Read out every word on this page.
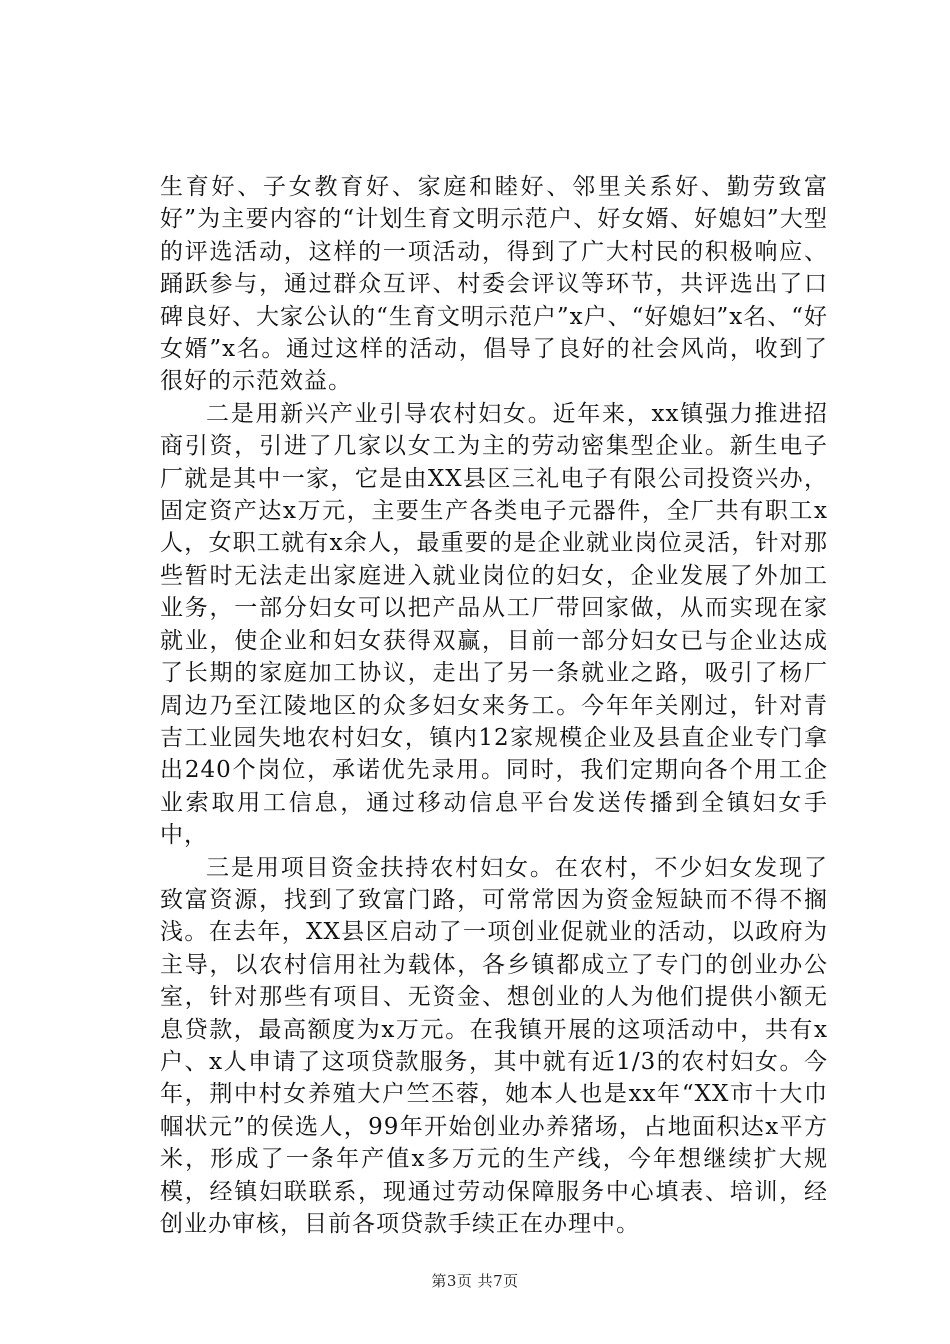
生育好、子女教育好、家庭和睦好、邻里关系好、勤劳致富好”为主要内容的“计划生育文明示范户、好女婿、好媳妇”大型的评选活动，这样的一项活动，得到了广大村民的积极响应、踊跃参与，通过群众互评、村委会评议等环节，共评选出了口碑良好、大家公认的“生育文明示范户”x户、“好媳妇”x名、“好女婿”x名。通过这样的活动，倡导了良好的社会风尚，收到了很好的示范效益。

二是用新兴产业引导农村妇女。近年来，xx镇强力推进招商引资，引进了几家以女工为主的劳动密集型企业。新生电子厂就是其中一家，它是由XX县区三礼电子有限公司投资兴办，固定资产达x万元，主要生产各类电子元器件，全厂共有职工x人，女职工就有x余人，最重要的是企业就业岗位灵活，针对那些暂时无法走出家庭进入就业岗位的妇女，企业发展了外加工业务，一部分妇女可以把产品从工厂带回家做，从而实现在家就业，使企业和妇女获得双赢，目前一部分妇女已与企业达成了长期的家庭加工协议，走出了另一条就业之路，吸引了杨厂周边乃至江陵地区的众多妇女来务工。今年年关刚过，针对青吉工业园失地农村妇女，镇内12家规模企业及县直企业专门拿出240个岗位，承诺优先录用。同时，我们定期向各个用工企业索取用工信息，通过移动信息平台发送传播到全镇妇女手中，

三是用项目资金扶持农村妇女。在农村，不少妇女发现了致富资源，找到了致富门路，可常常因为资金短缺而不得不搁浅。在去年，XX县区启动了一项创业促就业的活动，以政府为主导，以农村信用社为载体，各乡镇都成立了专门的创业办公室，针对那些有项目、无资金、想创业的人为他们提供小额无息贷款，最高额度为x万元。在我镇开展的这项活动中，共有x户、x人申请了这项贷款服务，其中就有近1/3的农村妇女。今年，荆中村女养殖大户竺丕蓉，她本人也是xx年“XX市十大巾帼状元”的侯选人，99年开始创业办养猪场，占地面积达x平方米，形成了一条年产值x多万元的生产线，今年想继续扩大规模，经镇妇联联系，现通过劳动保障服务中心填表、培训，经创业办审核，目前各项贷款手续正在办理中。

第3页 共7页
